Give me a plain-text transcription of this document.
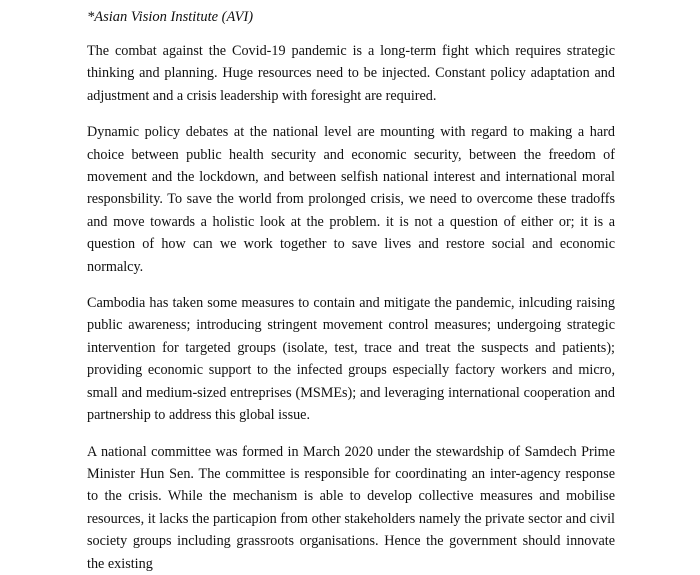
*Asian Vision Institute (AVI)

The combat against the Covid-19 pandemic is a long-term fight which requires strategic thinking and planning. Huge resources need to be injected. Constant policy adaptation and adjustment and a crisis leadership with foresight are required.

Dynamic policy debates at the national level are mounting with regard to making a hard choice between public health security and economic security, between the freedom of movement and the lockdown, and between selfish national interest and international moral responsbility. To save the world from prolonged crisis, we need to overcome these tradoffs and move towards a holistic look at the problem. it is not a question of either or; it is a question of how can we work together to save lives and restore social and economic normalcy.

Cambodia has taken some measures to contain and mitigate the pandemic, inlcuding raising public awareness; introducing stringent movement control measures; undergoing strategic intervention for targeted groups (isolate, test, trace and treat the suspects and patients); providing economic support to the infected groups especially factory workers and micro, small and medium-sized entreprises (MSMEs); and leveraging international cooperation and partnership to address this global issue.

A national committee was formed in March 2020 under the stewardship of Samdech Prime Minister Hun Sen. The committee is responsible for coordinating an inter-agency response to the crisis. While the mechanism is able to develop collective measures and mobilise resources, it lacks the particapion from other stakeholders namely the private sector and civil society groups including grassroots organisations. Hence the government should innovate the existing
